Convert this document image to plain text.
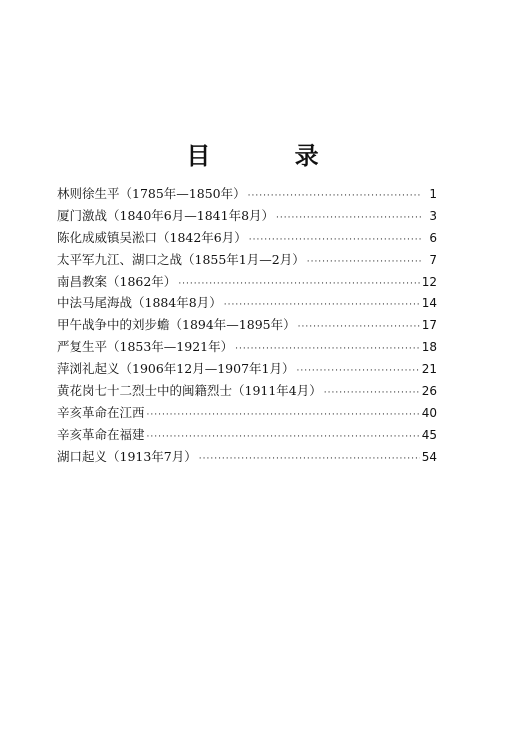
目 录
林则徐生平（1785年—1850年） ·····	1
厦门激战（1840年6月—1841年8月） ·····	3
陈化成威镇吴淞口（1842年6月） ·····	6
太平军九江、湖口之战（1855年1月—2月） ·····	7
南昌教案（1862年） ·····	12
中法马尾海战（1884年8月） ·····	14
甲午战争中的刘步蟾（1894年—1895年） ·····	17
严复生平（1853年—1921年） ·····	18
萍浏礼起义（1906年12月—1907年1月） ·····	21
黄花岗七十二烈士中的闽籍烈士（1911年4月） ·····	26
辛亥革命在江西 ·····	40
辛亥革命在福建 ·····	45
湖口起义（1913年7月） ·····	54
